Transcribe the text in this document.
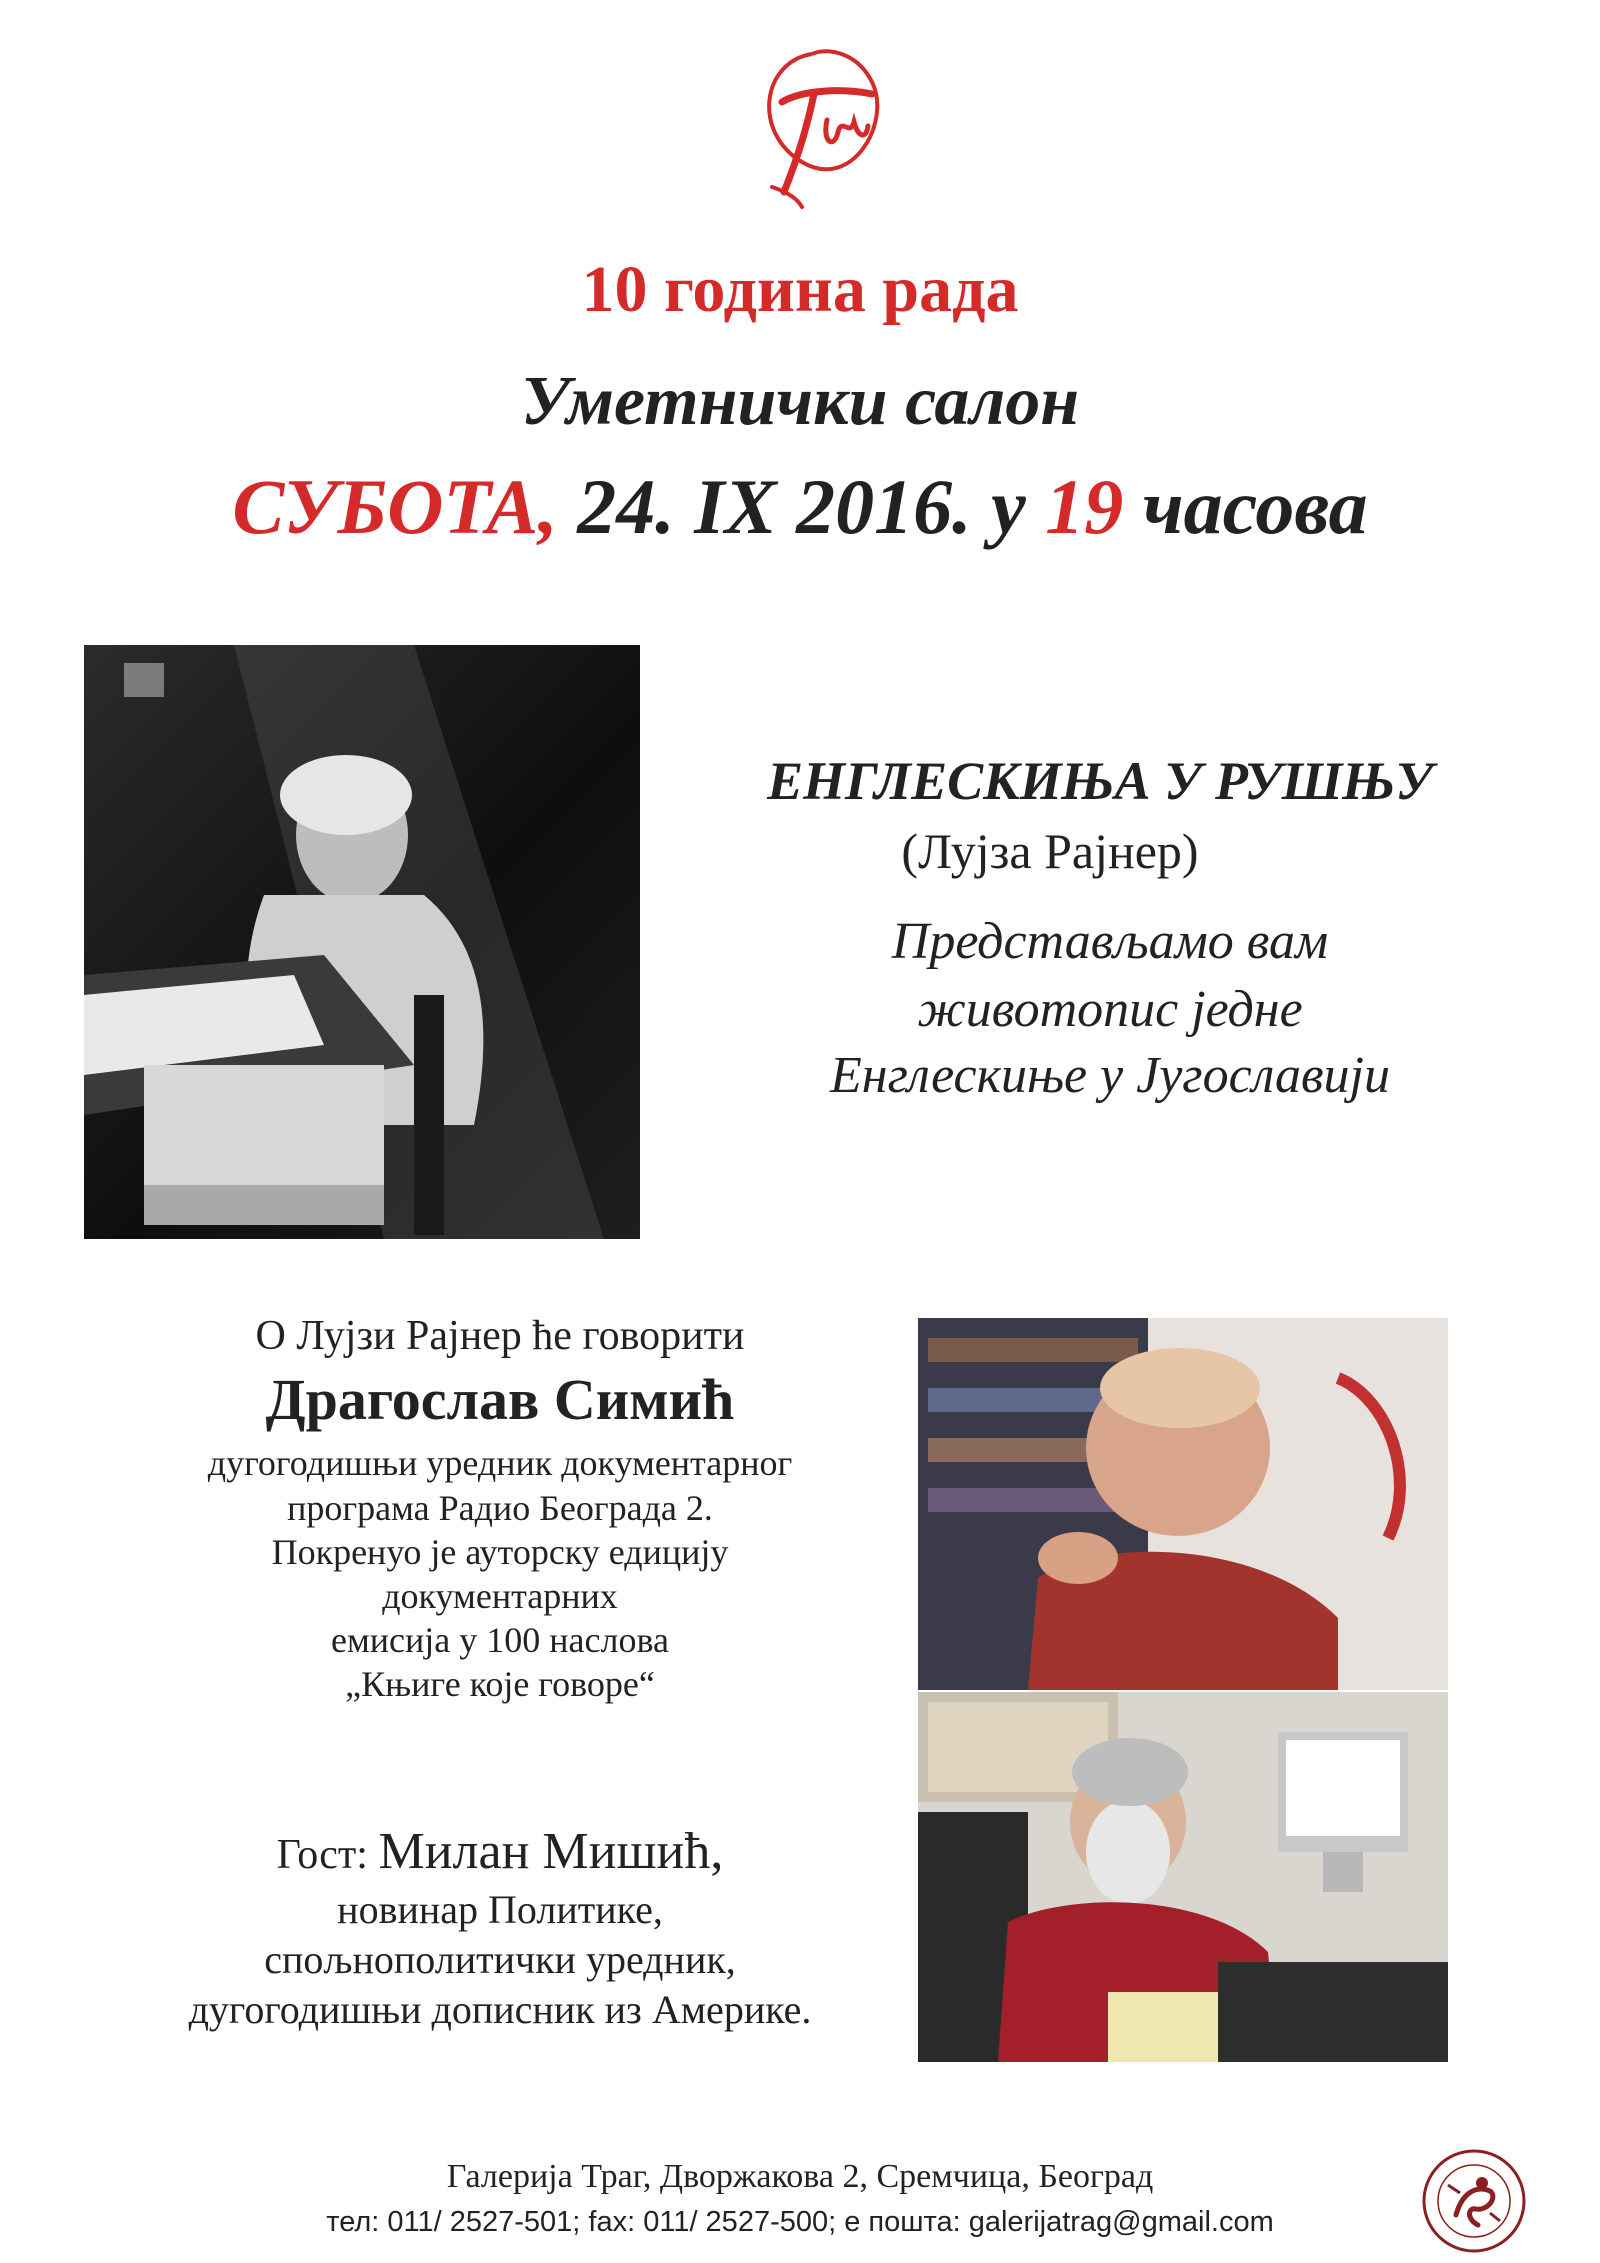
10 година рада
Уметнички салон
СУБОТА, 24. IX 2016. у 19 часова
ЕНГЛЕСКИЊА У РУШЊУ
(Лујза Рајнер)
Представљамо вам
животопис једне
Енглескиње у Југославији
О Лујзи Рајнер ће говорити
Драгослав Симић
дугогодишњи уредник документарног
програма Радио Београда 2.
Покренуо је ауторску едицију
документарних
емисија у 100 наслова
„Књиге које говоре“
Гост: Милан Мишић,
новинар Политике,
спољнополитички уредник,
дугогодишњи дописник из Америке.
Галерија Траг, Дворжакова 2, Сремчица, Београд
тел: 011/ 2527-501; fax: 011/ 2527-500; е пошта: galerijatrag@gmail.com
